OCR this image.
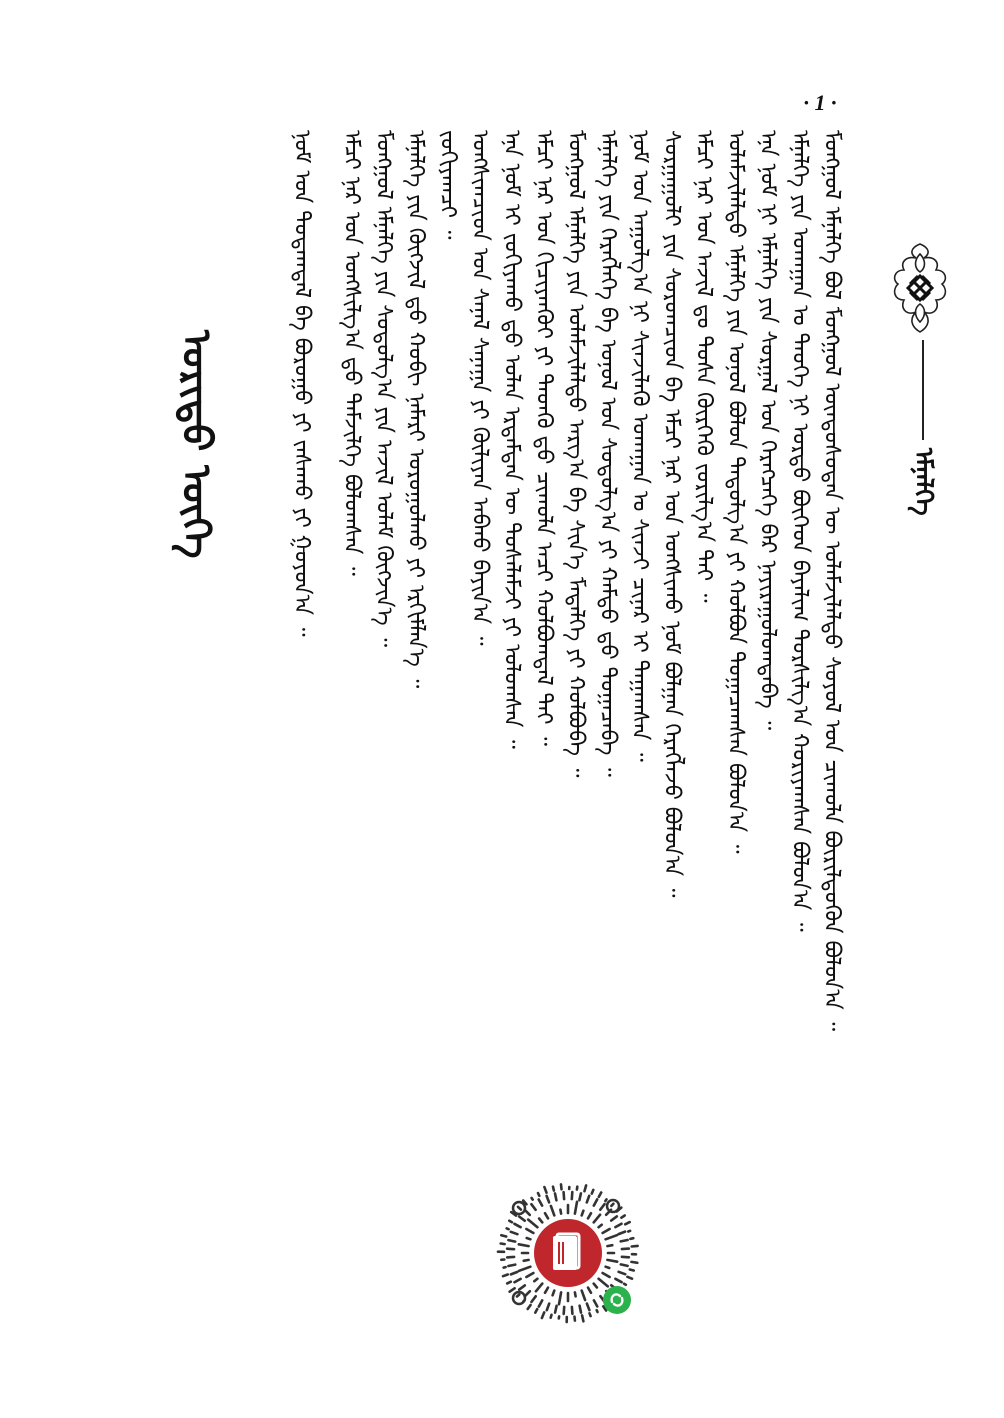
· 1 ·
ᠡᠮᠨᠡᠯᠭᠡ
ᠮᠣᠩᠭᠣᠯ ᠡᠮᠨᠡᠯᠭᠡ ᠪᠣᠯ ᠮᠣᠩᠭᠣᠯ ᠦᠨᠳᠦᠰᠦᠲᠡᠨ ᠦ ᠤᠯᠠᠮᠵᠢᠯᠠᠯᠲᠤ ᠰᠣᠶᠣᠯ ᠤᠨ ᠴᠢᠬᠤᠯᠠ ᠪᠦᠷᠢᠯᠳᠦᠬᠦᠨ ᠪᠣᠯᠤᠨ᠎ᠠ ᠃
ᠡᠮᠨᠡᠯᠭᠡ ᠶᠢᠨ ᠤᠬᠠᠭᠠᠨ ᠤ ᠲᠡᠦᠬᠡ ᠨᠢ ᠤᠷᠲᠤ ᠪᠥᠭᠡᠳ ᠪᠠᠶᠠᠯᠢᠭ ᠲᠤᠷᠰᠢᠯᠭ᠎ᠠ ᠬᠤᠷᠢᠶᠠᠭᠰᠠᠨ ᠪᠣᠯᠤᠨ᠎ᠠ ᠃
ᠡᠨᠡ ᠨᠣᠮ ᠨᠢ ᠡᠮᠨᠡᠯᠭᠡ ᠶᠢᠨ ᠰᠤᠷᠭᠠᠯ ᠤᠨ ᠬᠡᠷᠡᠭᠴᠡᠭᠡ ᠪᠡᠷ ᠨᠠᠶᠢᠷᠠᠭᠤᠯᠤᠭᠳᠠᠪᠠ ᠃
ᠤᠯᠠᠮᠵᠢᠯᠠᠯᠲᠤ ᠡᠮᠨᠡᠯᠭᠡ ᠶᠢᠨ ᠣᠨᠣᠯ ᠪᠣᠯᠤᠨ ᠳᠠᠳᠤᠯᠭ᠎ᠠ ᠶᠢ ᠬᠣᠯᠪᠣᠨ ᠲᠣᠭᠠᠴᠠᠭᠰᠠᠨ ᠪᠣᠯᠤᠨ᠎ᠠ ᠃
ᠡᠮᠴᠢ ᠨᠠᠷ ᠤᠨ ᠠᠵᠢᠯ ᠳᠤ ᠲᠤᠰᠠ ᠬᠦᠷᠭᠡᠬᠦ ᠵᠣᠷᠢᠯᠭ᠎ᠠ ᠲᠠᠢ ᠃
ᠰᠤᠷᠭᠠᠭᠤᠯᠢ ᠶᠢᠨ ᠰᠤᠷᠤᠭᠴᠢᠳ ᠪᠠ ᠡᠮᠴᠢ ᠨᠠᠷ ᠤᠨ ᠤᠩᠱᠢᠬᠤ ᠨᠣᠮ ᠪᠣᠯᠭᠠᠨ ᠬᠡᠷᠡᠭᠯᠡᠵᠦ ᠪᠣᠯᠤᠨ᠎ᠠ ᠃
ᠨᠣᠮ ᠤᠨ ᠠᠭᠤᠯᠭ᠎ᠠ ᠨᠢ ᠰᠢᠨᠵᠢᠯᠡᠬᠦ ᠤᠬᠠᠭᠠᠨ ᠤ ᠰᠢᠨᠵᠢ ᠴᠢᠨᠠᠷ ᠢ ᠳᠠᠭᠠᠭᠰᠠᠨ ᠃
ᠡᠮᠨᠡᠯᠭᠡ ᠶᠢᠨ ᠬᠡᠷᠡᠭᠯᠡᠭᠡ ᠪᠠ ᠣᠨᠣᠯ ᠤᠨ ᠰᠤᠳᠤᠯᠭ᠎ᠠ ᠶᠢ ᠬᠠᠮᠲᠤ ᠳ᠋ᠤ ᠲᠣᠭᠠᠴᠠᠪᠠ ᠃
ᠮᠣᠩᠭᠣᠯ ᠡᠮᠨᠡᠯᠭᠡ ᠶᠢᠨ ᠤᠯᠠᠮᠵᠢᠯᠠᠯᠲᠤ ᠠᠷᠭ᠎ᠠ ᠪᠠ ᠰᠢᠨ᠎ᠡ ᠮᠡᠳᠡᠯᠭᠡ ᠶᠢ ᠬᠣᠯᠪᠣᠪᠠ ᠃
ᠡᠮᠴᠢ ᠨᠠᠷ ᠤᠨ ᠬᠢᠴᠢᠶᠡᠨᠭᠦᠢ ᠶᠢ ᠳᠡᠳᠬᠦ ᠳ᠋ᠤ ᠴᠢᠬᠤᠯᠠ ᠠᠴᠢ ᠬᠣᠯᠪᠣᠭᠳᠠᠯ ᠲᠠᠢ ᠃
ᠡᠨᠡ ᠨᠣᠮ ᠢ ᠵᠣᠬᠢᠶᠠᠬᠤ ᠳ᠋ᠤ ᠣᠯᠠᠨ ᠡᠷᠳᠡᠮᠲᠡᠨ ᠦ ᠲᠤᠰᠠᠯᠠᠮᠵᠢ ᠶᠢ ᠣᠯᠤᠭᠰᠠᠨ ᠃
ᠤᠩᠱᠢᠭᠴᠢᠳ ᠤᠨ ᠰᠠᠨᠠᠯ ᠰᠠᠨᠠᠭᠠ ᠶᠢ ᠬᠦᠯᠢᠶᠡᠨ ᠠᠪᠬᠤ ᠪᠠᠶᠢᠨ᠎ᠠ ᠃
ᠵᠣᠬᠢᠶᠠᠭᠴᠢ ᠃
ᠡᠮᠨᠡᠯᠭᠡ ᠶᠢᠨ ᠬᠥᠭᠵᠢᠯ ᠳ᠋ᠤ ᠬᠤᠪᠢ ᠨᠡᠮᠡᠷᠢ ᠣᠷᠣᠭᠤᠯᠬᠤ ᠶᠢ ᠡᠷᠬᠢᠮᠯᠡᠨ᠎ᠡ ᠃
ᠮᠣᠩᠭᠣᠯ ᠡᠮᠨᠡᠯᠭᠡ ᠶᠢᠨ ᠰᠤᠳᠤᠯᠭ᠎ᠠ ᠶᠢᠨ ᠠᠵᠢᠯ ᠤᠯᠠᠮ ᠬᠥᠭᠵᠢᠨ᠎ᠡ ᠃
ᠡᠮᠴᠢ ᠨᠠᠷ ᠤᠨ ᠤᠩᠱᠢᠯᠭ᠎ᠠ ᠳ᠋ᠤ ᠳᠡᠮᠵᠢᠯᠭᠡ ᠪᠣᠯᠤᠭᠰᠠᠨ ᠃
ᠨᠣᠮ ᠤᠨ ᠳᠤᠲᠠᠭᠳᠠᠯ ᠪᠠ ᠪᠤᠷᠤᠭᠤ ᠶᠢ ᠵᠠᠰᠠᠬᠤ ᠶᠢ ᠭᠤᠶᠤᠨ᠎ᠠ ᠃
ᠤᠷᠢᠳᠤ ᠦᠭᠡ
